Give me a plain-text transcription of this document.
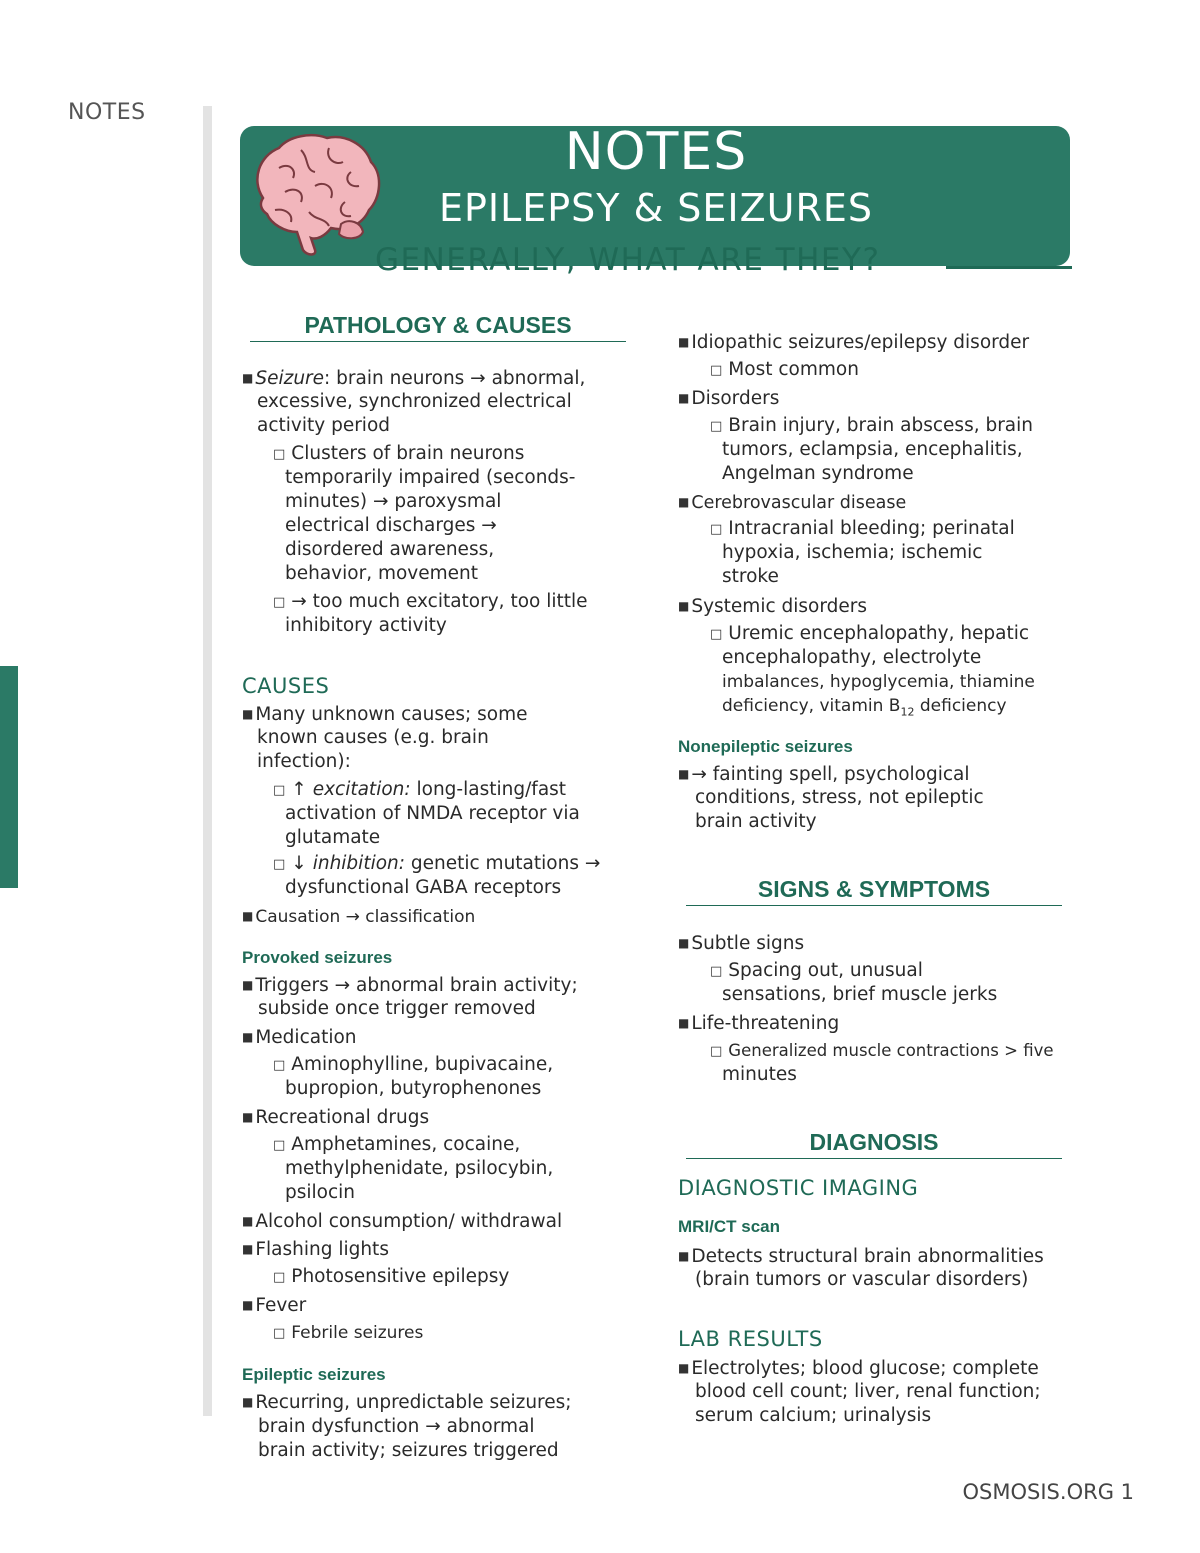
NOTES
NOTES
EPILEPSY & SEIZURES
GENERALLY, WHAT ARE THEY?
PATHOLOGY & CAUSES
■ Seizure: brain neurons → abnormal,
excessive, synchronized electrical
activity period
□ Clusters of brain neurons
temporarily impaired (seconds-
minutes) → paroxysmal
electrical discharges →
disordered awareness,
behavior, movement
□ → too much excitatory, too little
inhibitory activity
CAUSES
■ Many unknown causes; some
known causes (e.g. brain
infection):
□ ↑ excitation: long-lasting/fast
activation of NMDA receptor via
glutamate
□ ↓ inhibition: genetic mutations →
dysfunctional GABA receptors
■ Causation → classification
Provoked seizures
■ Triggers → abnormal brain activity;
subside once trigger removed
■ Medication
□ Aminophylline, bupivacaine,
bupropion, butyrophenones
■ Recreational drugs
□ Amphetamines, cocaine,
methylphenidate, psilocybin,
psilocin
■ Alcohol consumption/ withdrawal
■ Flashing lights
□ Photosensitive epilepsy
■ Fever
□ Febrile seizures
Epileptic seizures
■ Recurring, unpredictable seizures;
brain dysfunction → abnormal
brain activity; seizures triggered
■ Idiopathic seizures/epilepsy disorder
□ Most common
■ Disorders
□ Brain injury, brain abscess, brain
tumors, eclampsia, encephalitis,
Angelman syndrome
■ Cerebrovascular disease
□ Intracranial bleeding; perinatal
hypoxia, ischemia; ischemic
stroke
■ Systemic disorders
□ Uremic encephalopathy, hepatic
encephalopathy, electrolyte
imbalances, hypoglycemia, thiamine
deficiency, vitamin $B_{12}$ deficiency
Nonepileptic seizures
■ → fainting spell, psychological
conditions, stress, not epileptic
brain activity
SIGNS & SYMPTOMS
■ Subtle signs
□ Spacing out, unusual
sensations, brief muscle jerks
■ Life-threatening
□ Generalized muscle contractions > five
minutes
DIAGNOSIS
DIAGNOSTIC IMAGING
MRI/CT scan
■ Detects structural brain abnormalities
(brain tumors or vascular disorders)
LAB RESULTS
■ Electrolytes; blood glucose; complete
blood cell count; liver, renal function;
serum calcium; urinalysis
OSMOSIS.ORG 1
